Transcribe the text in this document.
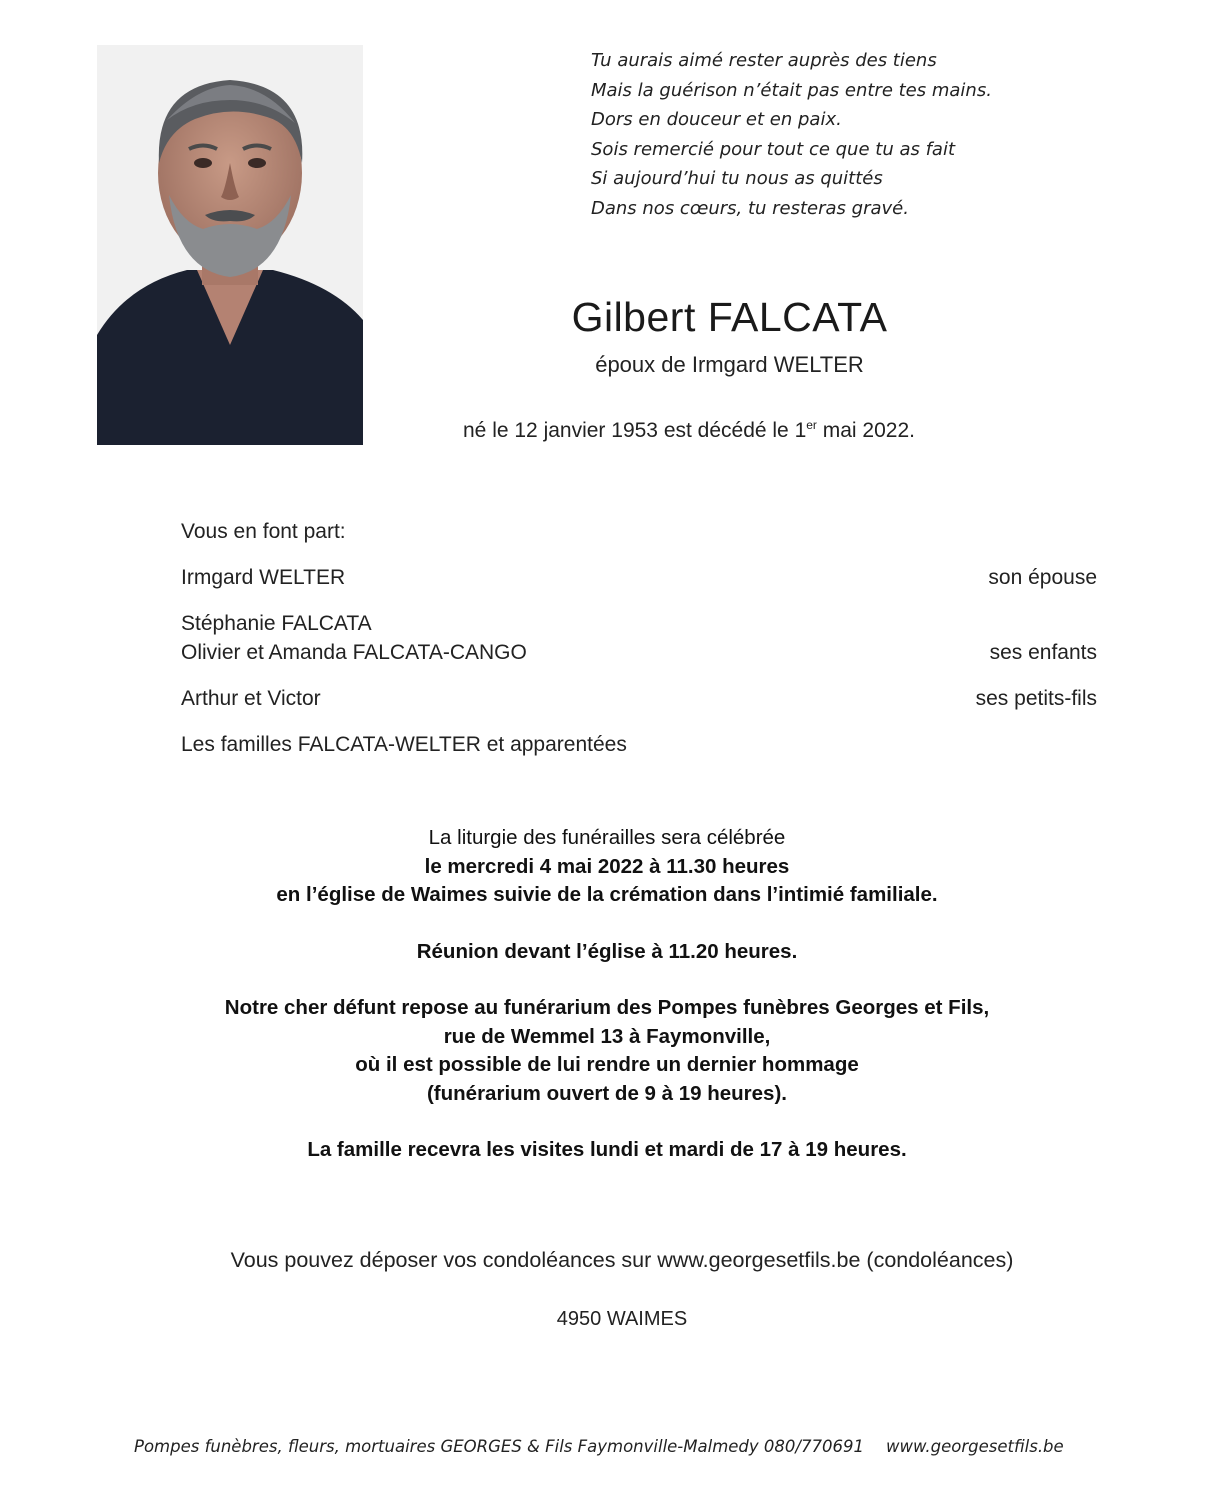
Tu aurais aimé rester auprès des tiens
Mais la guérison n’était pas entre tes mains.
Dors en douceur et en paix.
Sois remercié pour tout ce que tu as fait
Si aujourd’hui tu nous as quittés
Dans nos cœurs, tu resteras gravé.
Gilbert FALCATA
époux de Irmgard WELTER
né le 12 janvier 1953 est décédé le 1er mai 2022.
Vous en font part:
Irmgard WELTER	son épouse
Stéphanie FALCATA
Olivier et Amanda FALCATA-CANGO	ses enfants
Arthur et Victor	ses petits-fils
Les familles FALCATA-WELTER et apparentées
La liturgie des funérailles sera célébrée
le mercredi 4 mai 2022 à 11.30 heures
en l’église de Waimes suivie de la crémation dans l’intimié familiale.
Réunion devant l’église à 11.20 heures.
Notre cher défunt repose au funérarium des Pompes funèbres Georges et Fils,
rue de Wemmel 13 à Faymonville,
où il est possible de lui rendre un dernier hommage
(funérarium ouvert de 9 à 19 heures).
La famille recevra les visites lundi et mardi de 17 à 19 heures.
Vous pouvez déposer vos condoléances sur www.georgesetfils.be (condoléances)
4950 WAIMES
Pompes funèbres, fleurs, mortuaires GEORGES & Fils Faymonville-Malmedy 080/770691 www.georgesetfils.be
